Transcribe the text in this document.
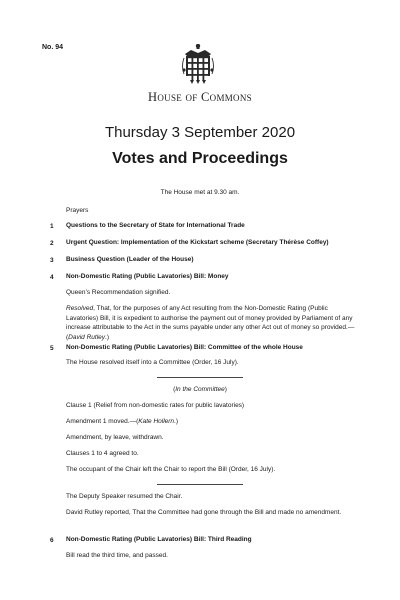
No. 94
House of Commons
Thursday 3 September 2020
Votes and Proceedings
The House met at 9.30 am.
Prayers
1 Questions to the Secretary of State for International Trade
2 Urgent Question: Implementation of the Kickstart scheme (Secretary Thérèse Coffey)
3 Business Question (Leader of the House)
4 Non-Domestic Rating (Public Lavatories) Bill: Money
Queen’s Recommendation signified.
Resolved, That, for the purposes of any Act resulting from the Non-Domestic Rating (Public Lavatories) Bill, it is expedient to authorise the payment out of money provided by Parliament of any increase attributable to the Act in the sums payable under any other Act out of money so provided.—(David Rutley.)
5 Non-Domestic Rating (Public Lavatories) Bill: Committee of the whole House
The House resolved itself into a Committee (Order, 16 July).
(In the Committee)
Clause 1 (Relief from non-domestic rates for public lavatories)
Amendment 1 moved.—(Kate Hollern.)
Amendment, by leave, withdrawn.
Clauses 1 to 4 agreed to.
The occupant of the Chair left the Chair to report the Bill (Order, 16 July).
The Deputy Speaker resumed the Chair.
David Rutley reported, That the Committee had gone through the Bill and made no amendment.
6 Non-Domestic Rating (Public Lavatories) Bill: Third Reading
Bill read the third time, and passed.
